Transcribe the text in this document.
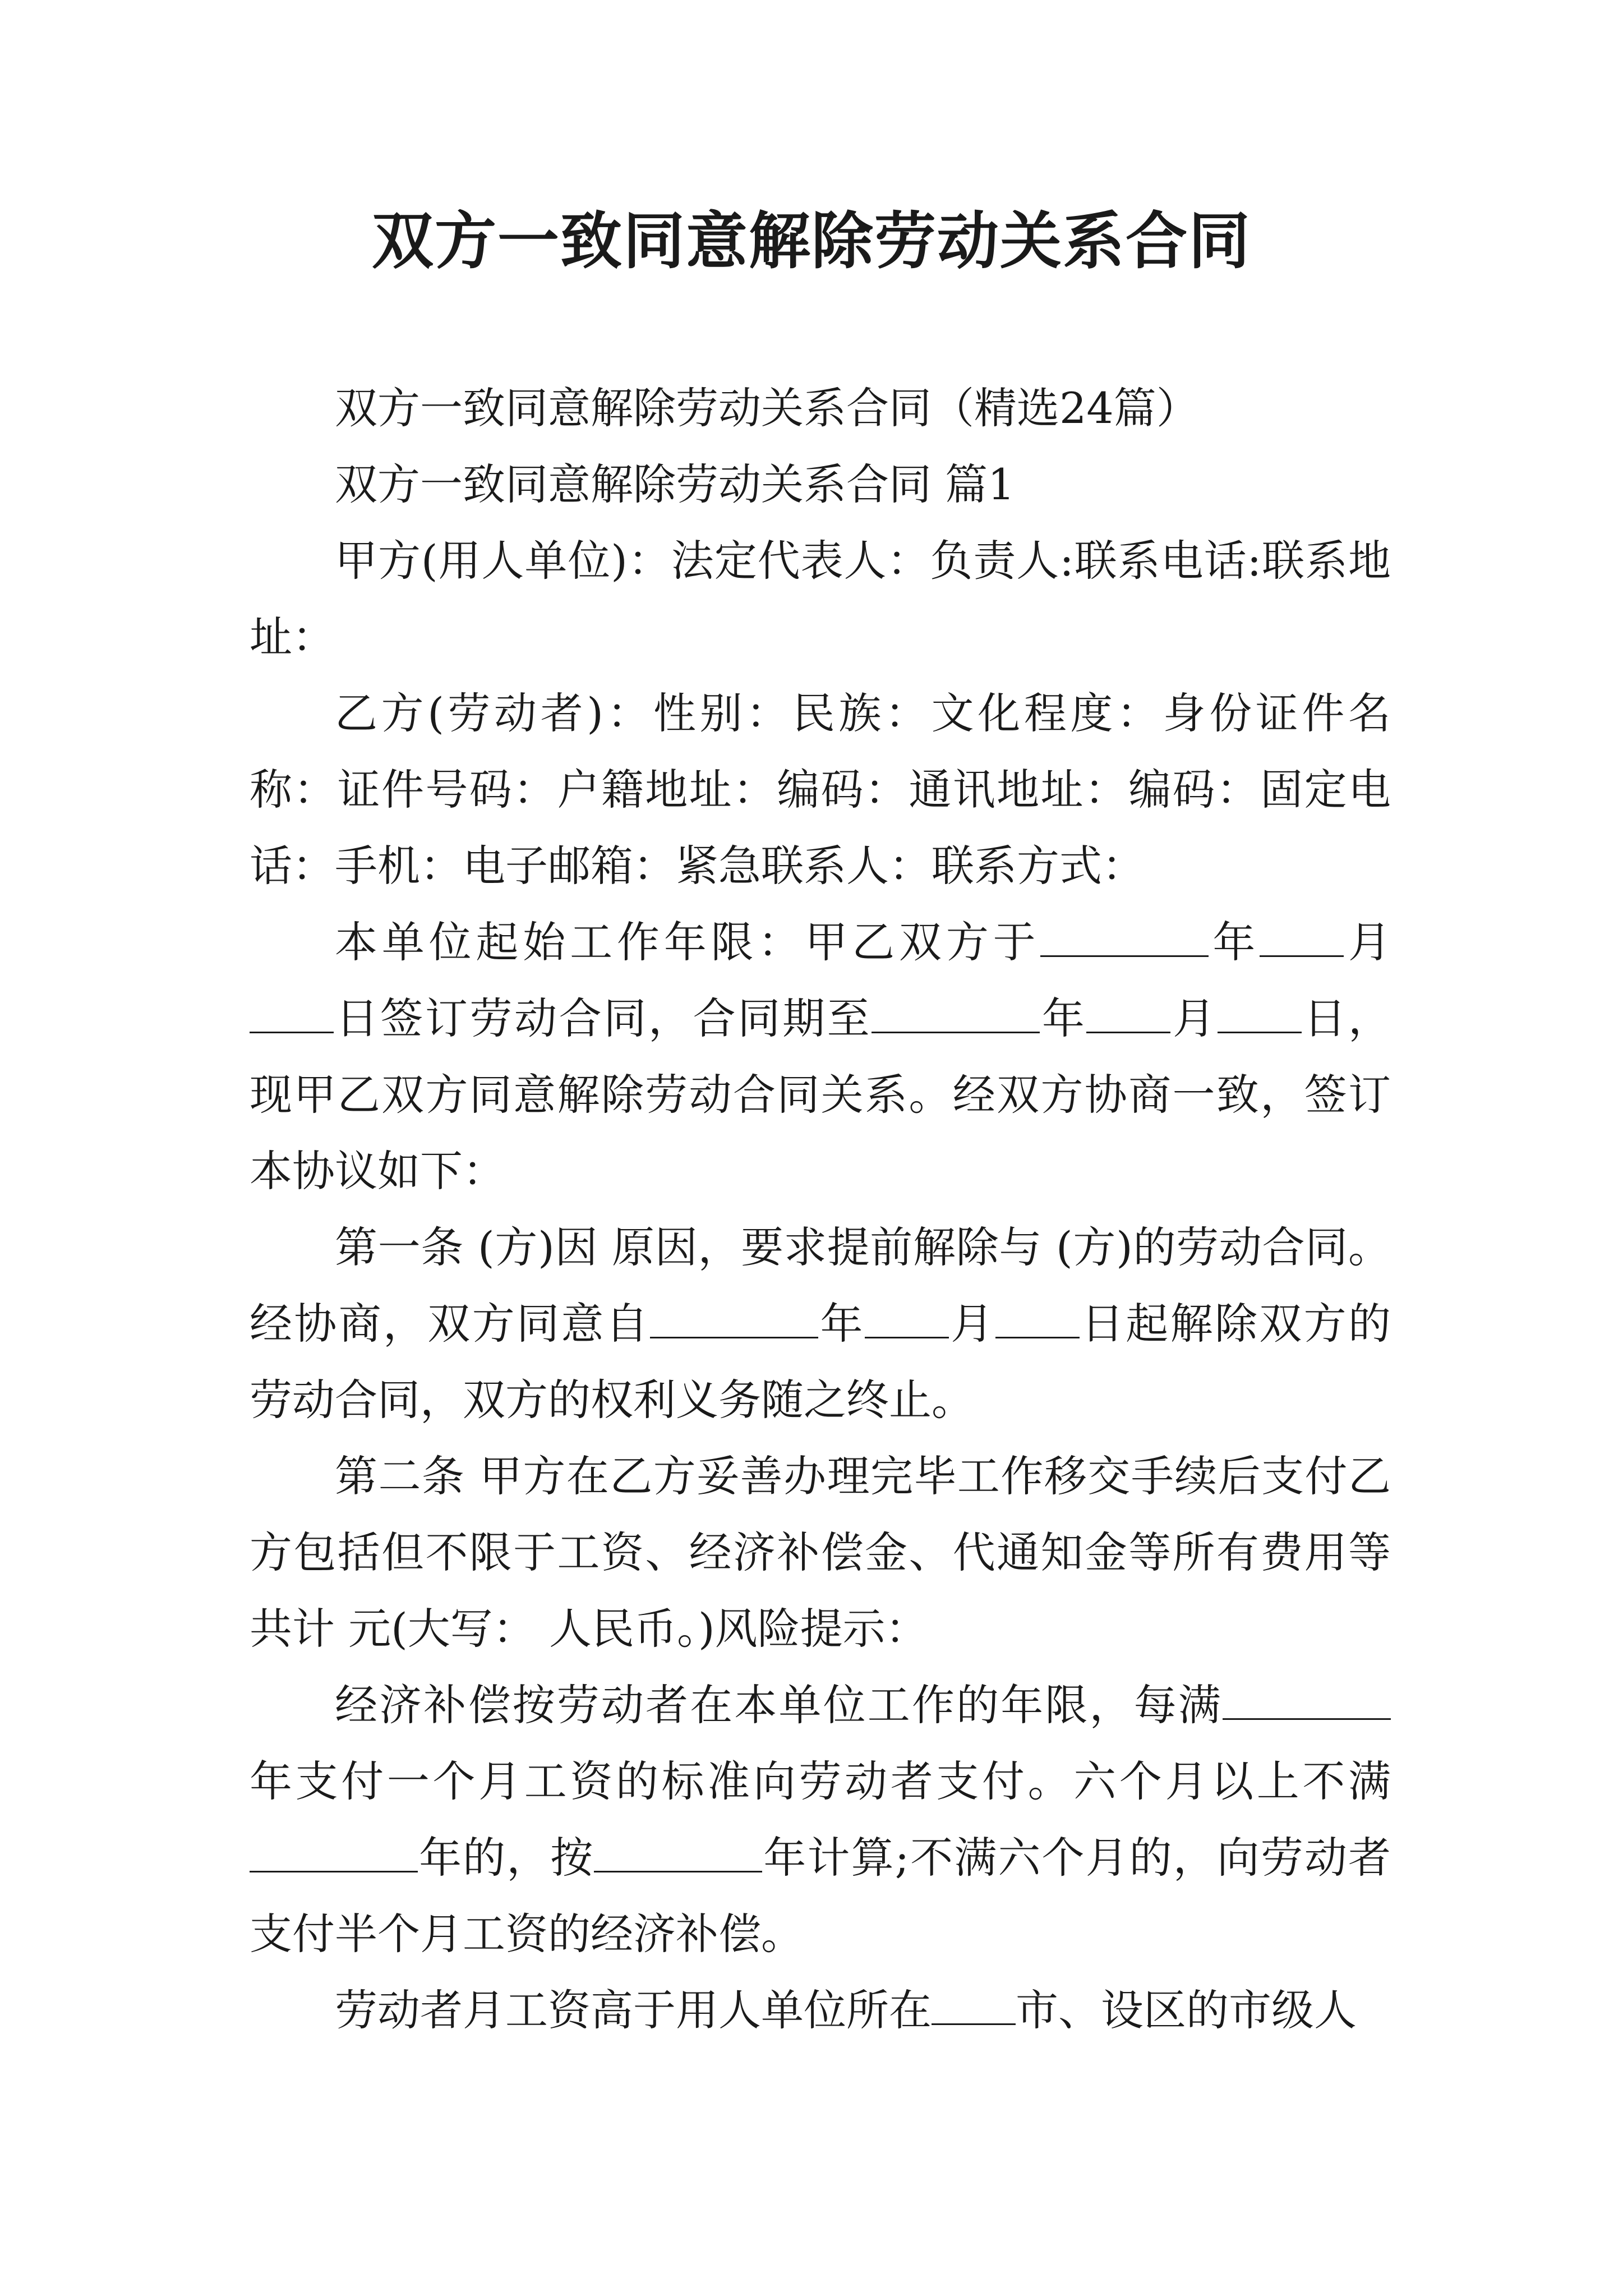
双方一致同意解除劳动关系合同

双方一致同意解除劳动关系合同（精选24篇）

双方一致同意解除劳动关系合同 篇1

甲方(用人单位)：法定代表人：负责人:联系电话:联系地址：

乙方(劳动者)：性别：民族：文化程度：身份证件名称：证件号码：户籍地址：编码：通讯地址：编码：固定电话：手机：电子邮箱：紧急联系人：联系方式：

本单位起始工作年限：甲乙双方于	年 月日签订劳动合同，合同期至	年 月 日，现甲乙双方同意解除劳动合同关系。经双方协商一致，签订本协议如下：

第一条 (方)因 原因，要求提前解除与 (方)的劳动合同。经协商，双方同意自	年 月 日起解除双方的劳动合同，双方的权利义务随之终止。

第二条 甲方在乙方妥善办理完毕工作移交手续后支付乙方包括但不限于工资、经济补偿金、代通知金等所有费用等共计 元(大写： 人民币。)风险提示：

经济补偿按劳动者在本单位工作的年限，每满年支付一个月工资的标准向劳动者支付。六个月以上不满年的，按	年计算;不满六个月的，向劳动者支付半个月工资的经济补偿。

劳动者月工资高于用人单位所在 市、设区的市级人
